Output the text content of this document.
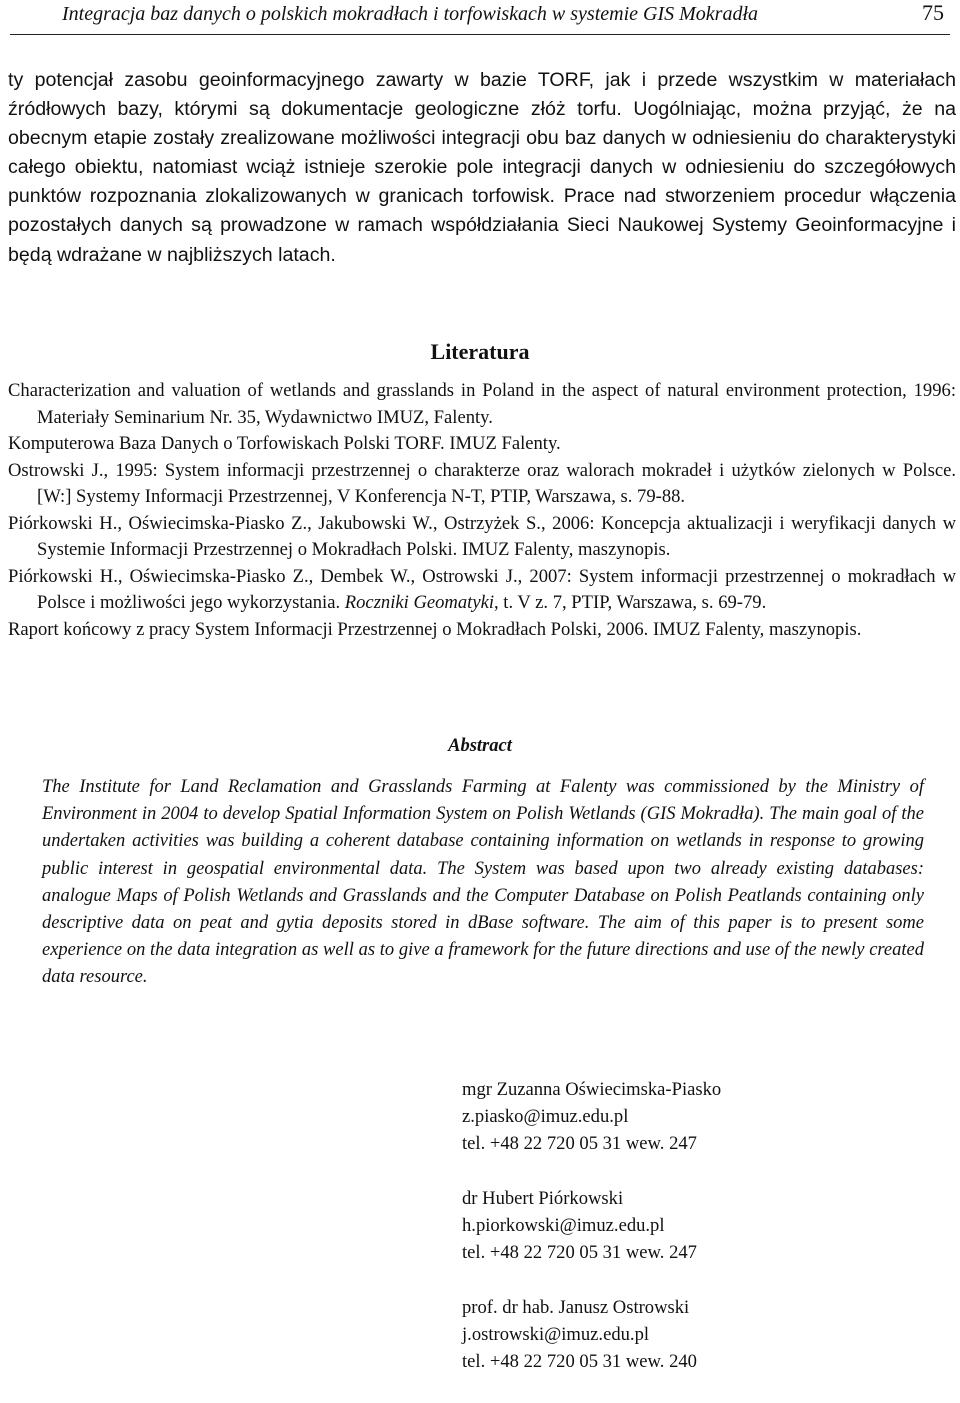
Integracja baz danych o polskich mokradłach i torfowiskach w systemie GIS Mokradła	75

ty potencjał zasobu geoinformacyjnego zawarty w bazie TORF, jak i przede wszystkim w materiałach źródłowych bazy, którymi są dokumentacje geologiczne złóż torfu. Uogólniając, można przyjąć, że na obecnym etapie zostały zrealizowane możliwości integracji obu baz danych w odniesieniu do charakterystyki całego obiektu, natomiast wciąż istnieje szerokie pole integracji danych w odniesieniu do szczegółowych punktów rozpoznania zlokalizowanych w granicach torfowisk. Prace nad stworzeniem procedur włączenia pozostałych danych są prowadzone w ramach współdziałania Sieci Naukowej Systemy Geoinformacyjne i będą wdrażane w najbliższych latach.

Literatura

Characterization and valuation of wetlands and grasslands in Poland in the aspect of natural environment protection, 1996: Materiały Seminarium Nr. 35, Wydawnictwo IMUZ, Falenty.

Komputerowa Baza Danych o Torfowiskach Polski TORF. IMUZ Falenty.

Ostrowski J., 1995: System informacji przestrzennej o charakterze oraz walorach mokradeł i użytków zielonych w Polsce. [W:] Systemy Informacji Przestrzennej, V Konferencja N-T, PTIP, Warszawa, s. 79-88.

Piórkowski H., Oświecimska-Piasko Z., Jakubowski W., Ostrzyżek S., 2006: Koncepcja aktualizacji i weryfikacji danych w Systemie Informacji Przestrzennej o Mokradłach Polski. IMUZ Falenty, maszynopis.

Piórkowski H., Oświecimska-Piasko Z., Dembek W., Ostrowski J., 2007: System informacji przestrzennej o mokradłach w Polsce i możliwości jego wykorzystania. Roczniki Geomatyki, t. V z. 7, PTIP, Warszawa, s. 69-79.

Raport końcowy z pracy System Informacji Przestrzennej o Mokradłach Polski, 2006. IMUZ Falenty, maszynopis.

Abstract

The Institute for Land Reclamation and Grasslands Farming at Falenty was commissioned by the Ministry of Environment in 2004 to develop Spatial Information System on Polish Wetlands (GIS Mokradła). The main goal of the undertaken activities was building a coherent database containing information on wetlands in response to growing public interest in geospatial environmental data. The System was based upon two already existing databases: analogue Maps of Polish Wetlands and Grasslands and the Computer Database on Polish Peatlands containing only descriptive data on peat and gytia deposits stored in dBase software. The aim of this paper is to present some experience on the data integration as well as to give a framework for the future directions and use of the newly created data resource.

mgr Zuzanna Oświecimska-Piasko
z.piasko@imuz.edu.pl
tel. +48 22 720 05 31 wew. 247
dr Hubert Piórkowski
h.piorkowski@imuz.edu.pl
tel. +48 22 720 05 31 wew. 247
prof. dr hab. Janusz Ostrowski
j.ostrowski@imuz.edu.pl
tel. +48 22 720 05 31 wew. 240
